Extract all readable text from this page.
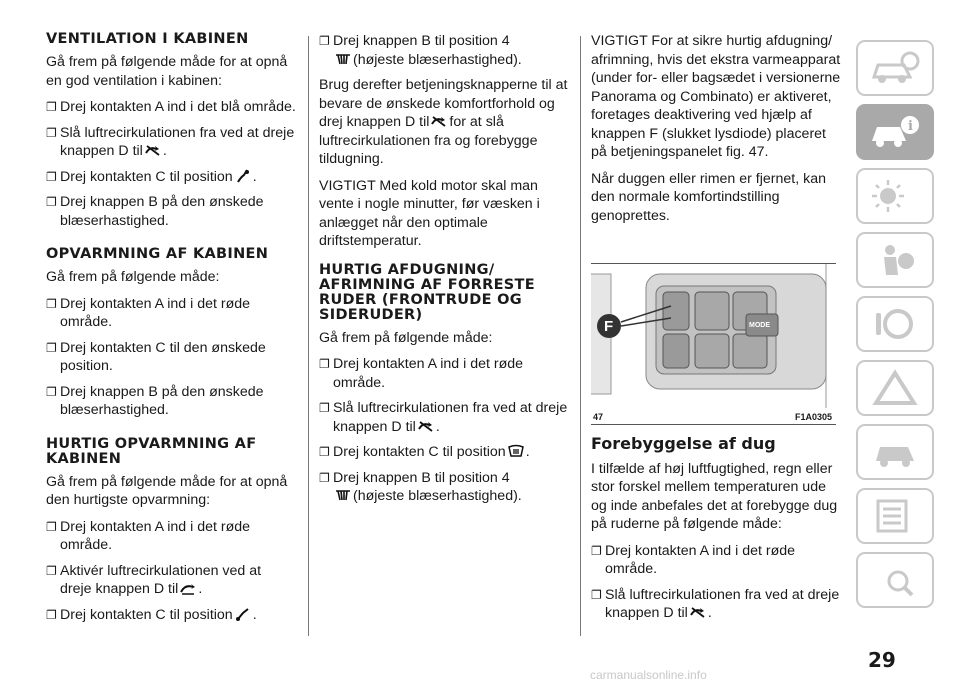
VENTILATION I KABINEN

Gå frem på følgende måde for at opnå en god ventilation i kabinen:

❐ Drej kontakten A ind i det blå område.
❐ Slå luftrecirkulationen fra ved at dreje knappen D til .
❐ Drej kontakten C til position .
❐ Drej knappen B på den ønskede blæserhastighed.
OPVARMNING AF KABINEN

Gå frem på følgende måde:

❐ Drej kontakten A ind i det røde område.
❐ Drej kontakten C til den ønskede position.
❐ Drej knappen B på den ønskede blæserhastighed.
HURTIG OPVARMNING AF KABINEN

Gå frem på følgende måde for at opnå den hurtigste opvarmning:

❐ Drej kontakten A ind i det røde område.
❐ Aktivér luftrecirkulationen ved at dreje knappen D til .
❐ Drej kontakten C til position .
❐ Drej knappen B til position 4
(højeste blæserhastighed).

Brug derefter betjeningsknapperne til at bevare de ønskede komfortforhold og drej knappen D til for at slå luftrecirkulationen fra og forebygge tildugning.

VIGTIGT Med kold motor skal man vente i nogle minutter, før væsken i anlægget når den optimale driftstemperatur.

HURTIG AFDUGNING/ AFRIMNING AF FORRESTE RUDER (FRONTRUDE OG SIDERUDER)

Gå frem på følgende måde:

❐ Drej kontakten A ind i det røde område.
❐ Slå luftrecirkulationen fra ved at dreje knappen D til .
❐ Drej kontakten C til position .
❐ Drej knappen B til position 4
(højeste blæserhastighed).

VIGTIGT For at sikre hurtig afdugning/ afrimning, hvis det ekstra varmeapparat (under for- eller bagsædet i versionerne Panorama og Combinato) er aktiveret, foretages deaktivering ved hjælp af knappen F (slukket lysdiode) placeret på betjeningspanelet fig. 47.

Når duggen eller rimen er fjernet, kan den normale komfortindstilling genoprettes.

F	MODE
47	F1A0305
Forebyggelse af dug

I tilfælde af høj luftfugtighed, regn eller stor forskel mellem temperaturen ude og inde anbefales det at forebygge dug på ruderne på følgende måde:

❐ Drej kontakten A ind i det røde område.
❐ Slå luftrecirkulationen fra ved at dreje knappen D til .
i
29
carmanualsonline.info
